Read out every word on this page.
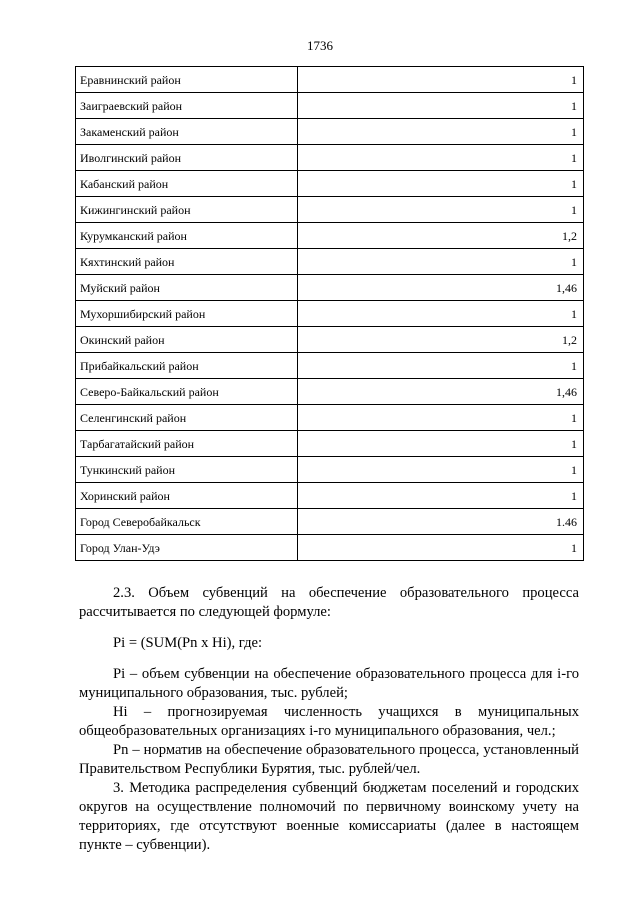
1736
Еравнинский район	1
Заиграевский район	1
Закаменский район	1
Иволгинский район	1
Кабанский район	1
Кижингинский район	1
Курумканский район	1,2
Кяхтинский район	1
Муйский район	1,46
Мухоршибирский район	1
Окинский район	1,2
Прибайкальский район	1
Северо-Байкальский район	1,46
Селенгинский район	1
Тарбагатайский район	1
Тункинский район	1
Хоринский район	1
Город Северобайкальск	1.46
Город Улан-Удэ	1

2.3. Объем субвенций на обеспечение образовательного процесса рассчитывается по следующей формуле:

Pi = (SUM(Pn x Hi), где:

Pi – объем субвенции на обеспечение образовательного процесса для i-го муниципального образования, тыс. рублей;

Hi – прогнозируемая численность учащихся в муниципальных общеобразовательных организациях i-го муниципального образования, чел.;

Pn – норматив на обеспечение образовательного процесса, установленный Правительством Республики Бурятия, тыс. рублей/чел.

3. Методика распределения субвенций бюджетам поселений и городских округов на осуществление полномочий по первичному воинскому учету на территориях, где отсутствуют военные комиссариаты (далее в настоящем пункте – субвенции).
